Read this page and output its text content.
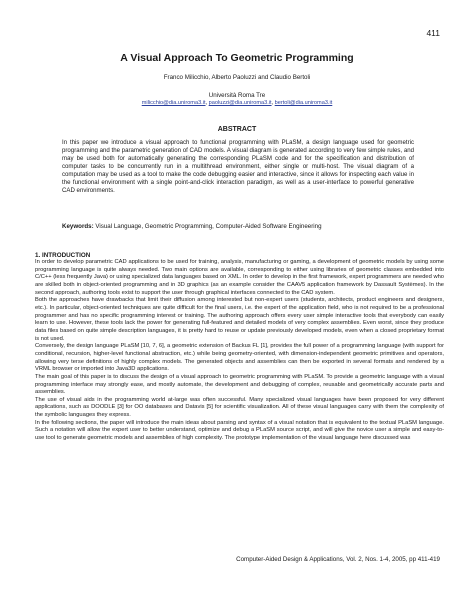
411
A Visual Approach To Geometric Programming
Franco Milicchio, Alberto Paoluzzi and Claudio Bertoli
Università Roma Tre
milicchio@dia.uniroma3.it, paoluzzi@dia.uniroma3.it, bertoli@dia.uniroma3.it
ABSTRACT
In this paper we introduce a visual approach to functional programming with PLaSM, a design language used for geometric programming and the parametric generation of CAD models. A visual diagram is generated according to very few simple rules, and may be used both for automatically generating the corresponding PLaSM code and for the specification and distribution of computer tasks to be concurrently run in a multithread environment, either single or multi-host. The visual diagram of a computation may be used as a tool to make the code debugging easier and interactive, since it allows for inspecting each value in the functional environment with a single point-and-click interaction paradigm, as well as a user-interface to powerful generative CAD environments.
Keywords: Visual Language, Geometric Programming, Computer-Aided Software Engineering
1. INTRODUCTION

In order to develop parametric CAD applications to be used for training, analysis, manufacturing or gaming, a development of geometric models by using some programming language is quite always needed. Two main options are available, corresponding to either using libraries of geometric classes embedded into C/C++ (less frequently Java) or using specialized data languages based on XML. In order to develop in the first framework, expert programmers are needed who are skilled both in object-oriented programming and in 3D graphics (as an example consider the CAAV5 application framework by Dassault Systèmes). In the second approach, authoring tools exist to support the user through graphical interfaces connected to the CAD system.

Both the approaches have drawbacks that limit their diffusion among interested but non-expert users (students, architects, product engineers and designers, etc.). In particular, object-oriented techniques are quite difficult for the final users, i.e. the expert of the application field, who is not required to be a professional programmer and has no specific programming interest or training. The authoring approach offers every user simple interactive tools that everybody can easily learn to use. However, these tools lack the power for generating full-featured and detailed models of very complex assemblies. Even worst, since they produce data files based on quite simple description languages, it is pretty hard to reuse or update previously developed models, even when a closed proprietary format is not used.

Conversely, the design language PLaSM [10, 7, 6], a geometric extension of Backus FL [1], provides the full power of a programming language (with support for conditional, recursion, higher-level functional abstraction, etc.) while being geometry-oriented, with dimension-independent geometric primitives and operators, allowing very terse definitions of highly complex models. The generated objects and assemblies can then be exported in several formats and rendered by a VRML browser or imported into Java3D applications.

The main goal of this paper is to discuss the design of a visual approach to geometric programming with PLaSM. To provide a geometric language with a visual programming interface may strongly ease, and mostly automate, the development and debugging of complex, reusable and geometrically accurate parts and assemblies.

The use of visual aids in the programming world at-large was often successful. Many specialized visual languages have been proposed for very different applications, such as DOODLE [3] for OO databases and Datavis [5] for scientific visualization. All of these visual languages carry with them the complexity of the symbolic languages they express.

In the following sections, the paper will introduce the main ideas about parsing and syntax of a visual notation that is equivalent to the textual PLaSM language. Such a notation will allow the expert user to better understand, optimize and debug a PLaSM source script, and will give the novice user a simple and easy-to-use tool to generate geometric models and assemblies of high complexity. The prototype implementation of the visual language here discussed was

Computer-Aided Design & Applications, Vol. 2, Nos. 1-4, 2005, pp 411-419
